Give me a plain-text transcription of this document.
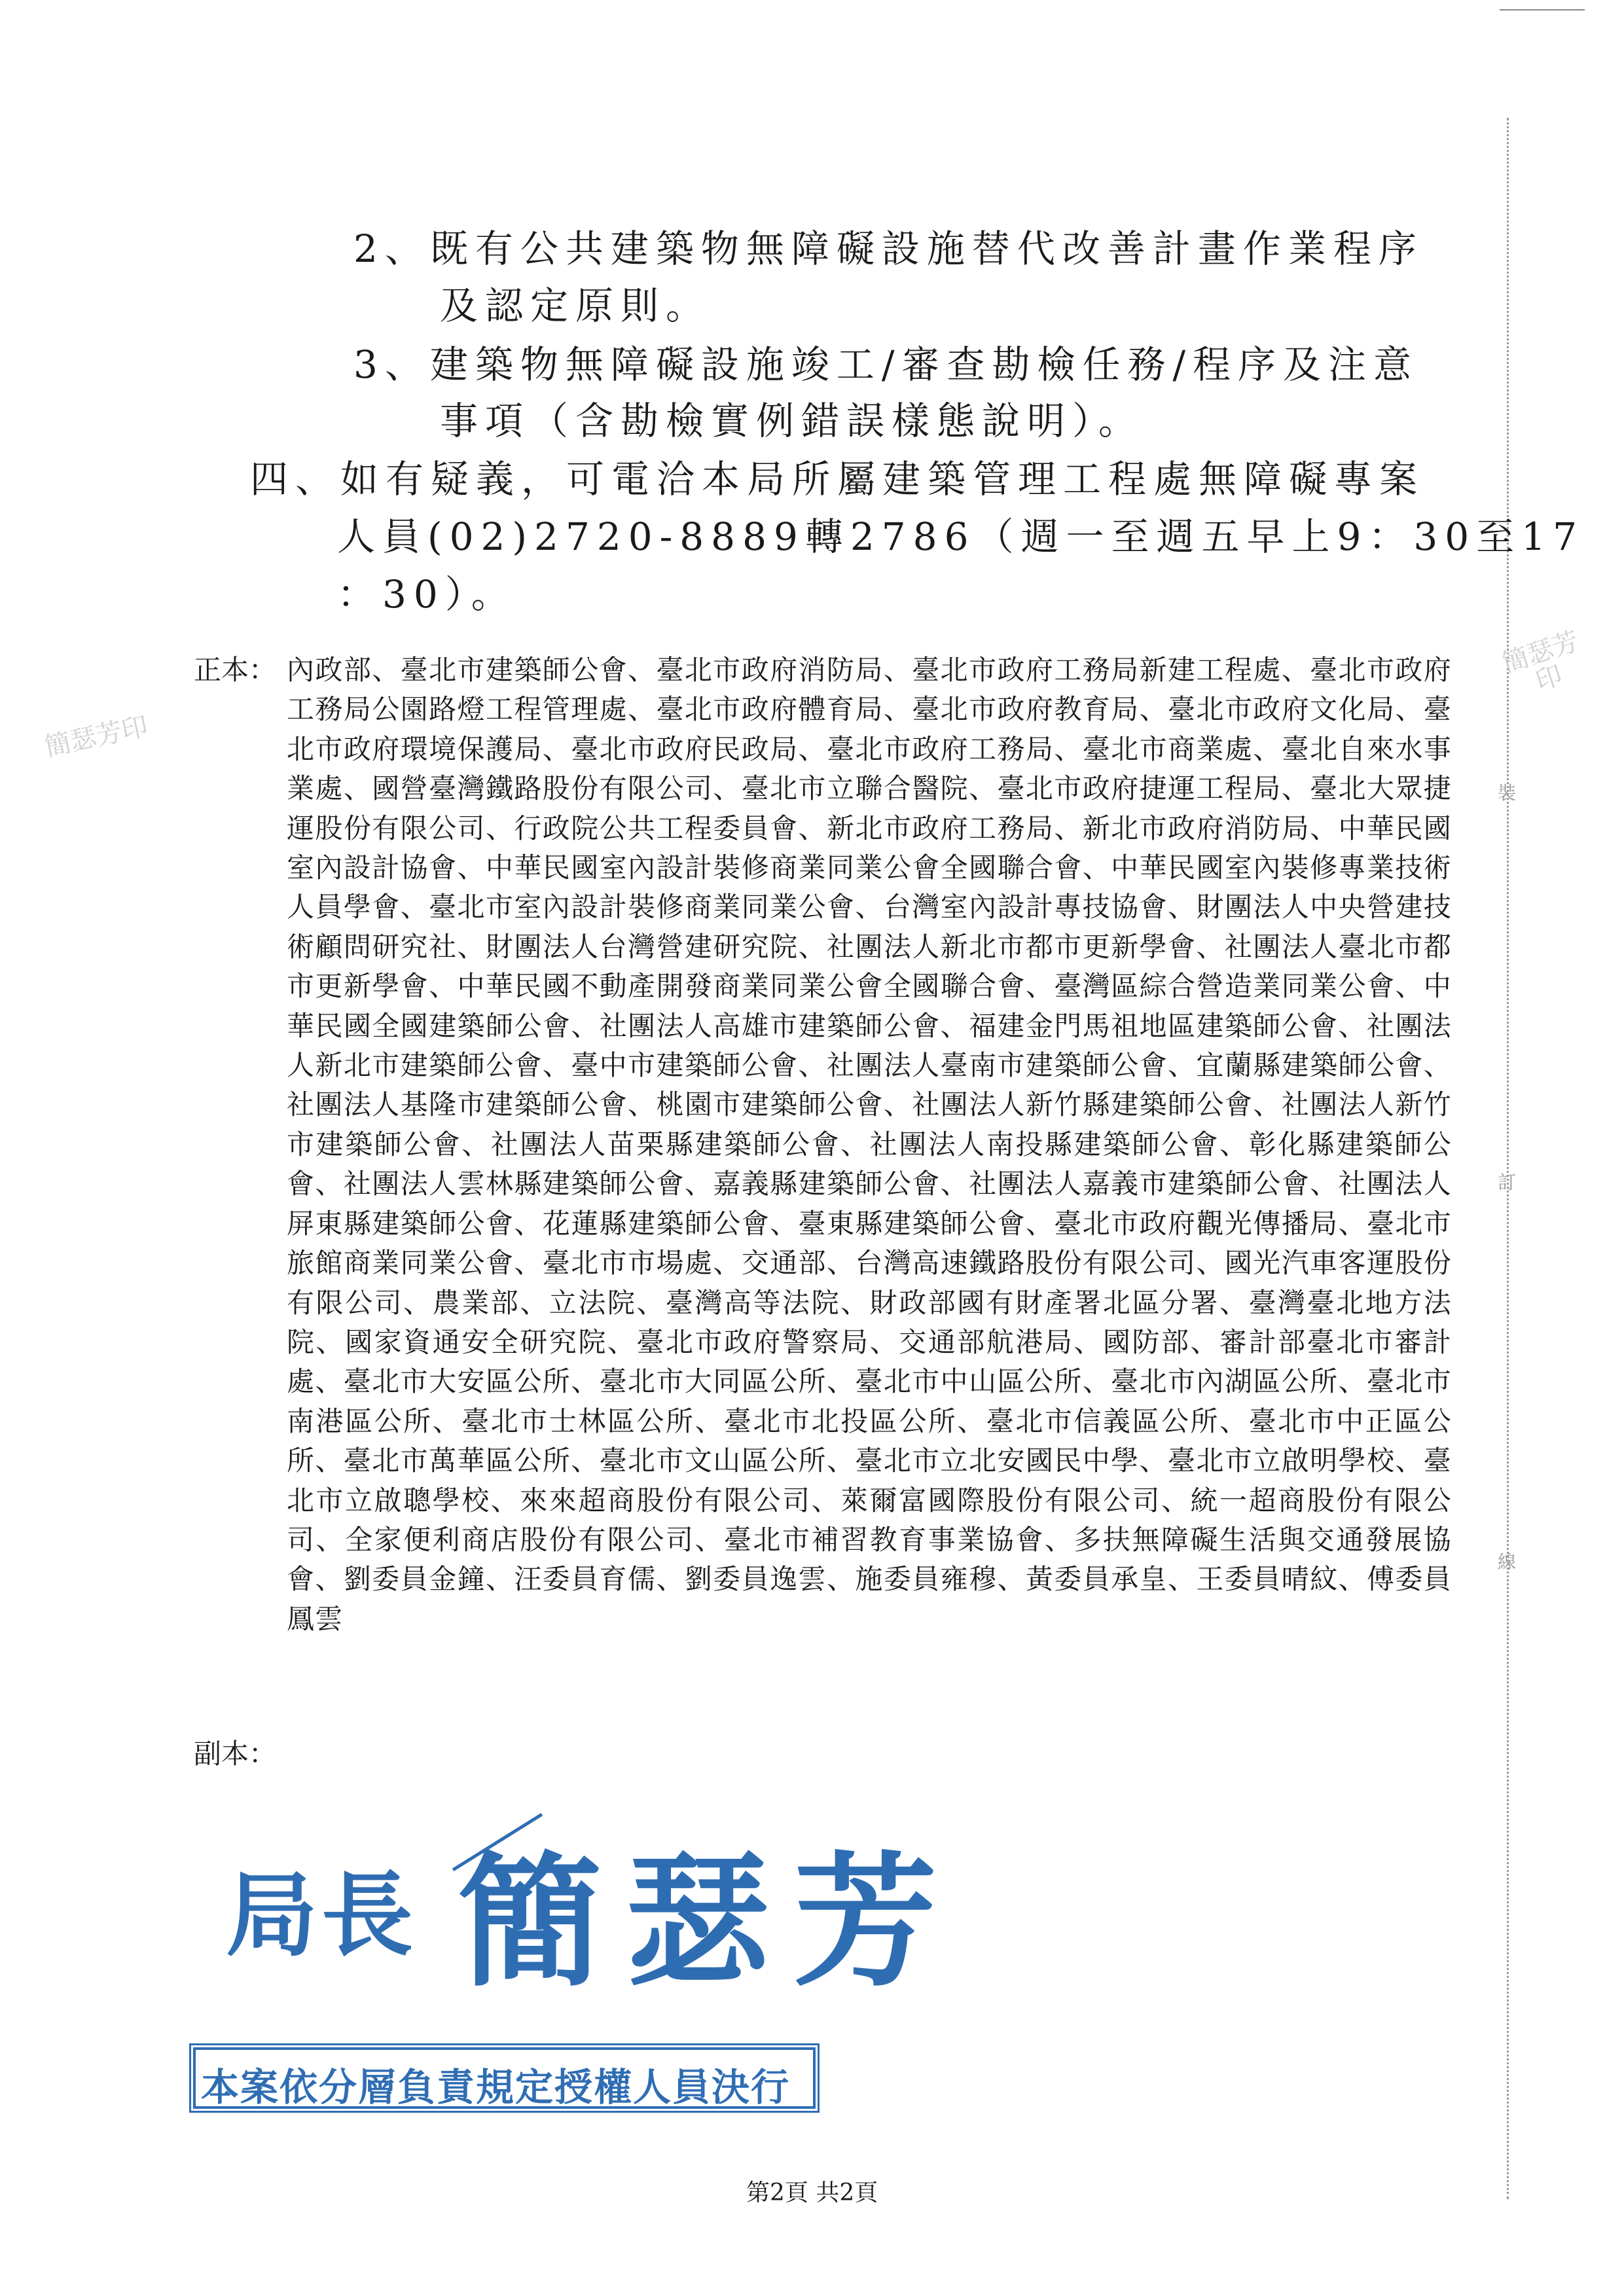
裝
訂
線
簡瑟芳印
簡瑟芳印
2、既有公共建築物無障礙設施替代改善計畫作業程序
及認定原則。
3、建築物無障礙設施竣工/審查勘檢任務/程序及注意
事項（含勘檢實例錯誤樣態說明）。
四、如有疑義，可電洽本局所屬建築管理工程處無障礙專案
人員(02)2720-8889轉2786（週一至週五早上9：30至17
：30）。
正本： 內政部、臺北市建築師公會、臺北市政府消防局、臺北市政府工務局新建工程處、臺北市政府工務局公園路燈工程管理處、臺北市政府體育局、臺北市政府教育局、臺北市政府文化局、臺北市政府環境保護局、臺北市政府民政局、臺北市政府工務局、臺北市商業處、臺北自來水事業處、國營臺灣鐵路股份有限公司、臺北市立聯合醫院、臺北市政府捷運工程局、臺北大眾捷運股份有限公司、行政院公共工程委員會、新北市政府工務局、新北市政府消防局、中華民國室內設計協會、中華民國室內設計裝修商業同業公會全國聯合會、中華民國室內裝修專業技術人員學會、臺北市室內設計裝修商業同業公會、台灣室內設計專技協會、財團法人中央營建技術顧問研究社、財團法人台灣營建研究院、社團法人新北市都市更新學會、社團法人臺北市都市更新學會、中華民國不動產開發商業同業公會全國聯合會、臺灣區綜合營造業同業公會、中華民國全國建築師公會、社團法人高雄市建築師公會、福建金門馬祖地區建築師公會、社團法人新北市建築師公會、臺中市建築師公會、社團法人臺南市建築師公會、宜蘭縣建築師公會、社團法人基隆市建築師公會、桃園市建築師公會、社團法人新竹縣建築師公會、社團法人新竹市建築師公會、社團法人苗栗縣建築師公會、社團法人南投縣建築師公會、彰化縣建築師公會、社團法人雲林縣建築師公會、嘉義縣建築師公會、社團法人嘉義市建築師公會、社團法人屏東縣建築師公會、花蓮縣建築師公會、臺東縣建築師公會、臺北市政府觀光傳播局、臺北市旅館商業同業公會、臺北市市場處、交通部、台灣高速鐵路股份有限公司、國光汽車客運股份有限公司、農業部、立法院、臺灣高等法院、財政部國有財產署北區分署、臺灣臺北地方法院、國家資通安全研究院、臺北市政府警察局、交通部航港局、國防部、審計部臺北市審計處、臺北市大安區公所、臺北市大同區公所、臺北市中山區公所、臺北市內湖區公所、臺北市南港區公所、臺北市士林區公所、臺北市北投區公所、臺北市信義區公所、臺北市中正區公所、臺北市萬華區公所、臺北市文山區公所、臺北市立北安國民中學、臺北市立啟明學校、臺北市立啟聰學校、來來超商股份有限公司、萊爾富國際股份有限公司、統一超商股份有限公司、全家便利商店股份有限公司、臺北市補習教育事業協會、多扶無障礙生活與交通發展協會、劉委員金鐘、汪委員育儒、劉委員逸雲、施委員雍穆、黃委員承皇、王委員晴紋、傅委員鳳雲
副本：
局長 簡瑟芳
本案依分層負責規定授權人員決行
第2頁 共2頁
